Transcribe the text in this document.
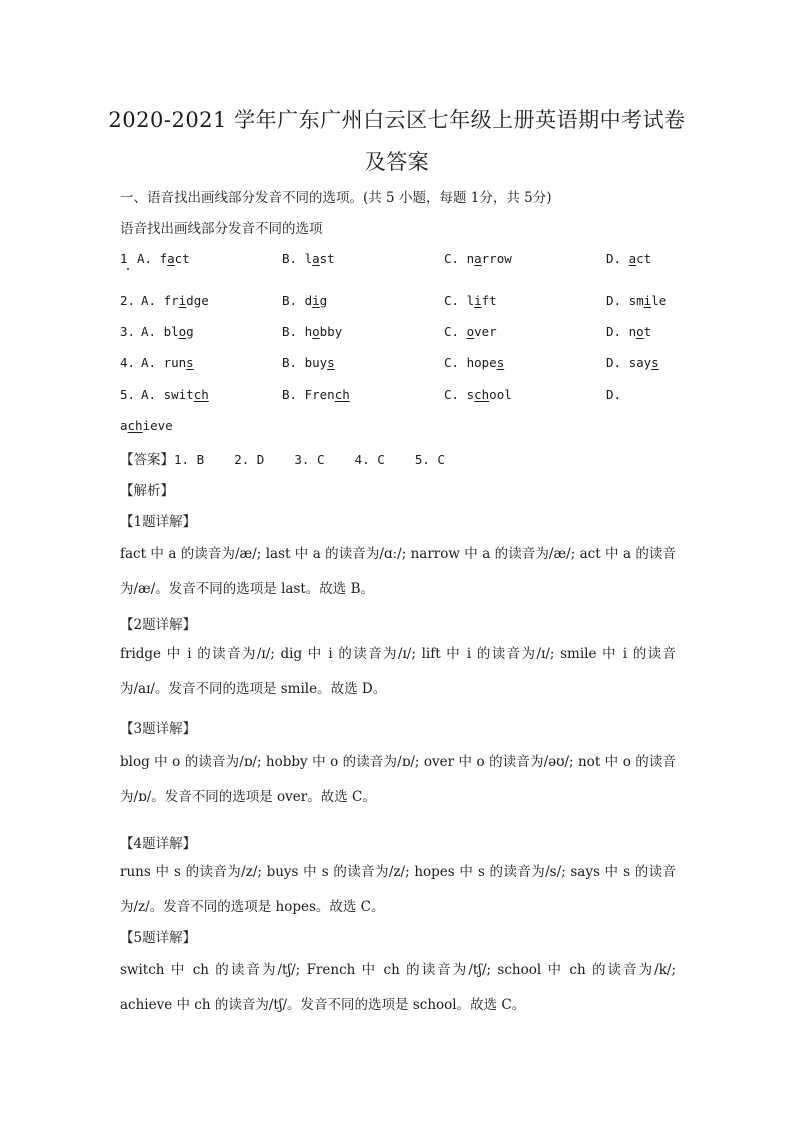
2020-2021 学年广东广州白云区七年级上册英语期中考试卷
及答案
一、语音找出画线部分发音不同的选项。(共 5 小题，每题 1分，共 5分)
语音找出画线部分发音不同的选项
1 A. fact	B. last	C. narrow	D. act
2. A. fridge	B. dig	C. lift	D. smile
3. A. blog	B. hobby	C. over	D. not
4. A. runs	B. buys	C. hopes	D. says
5. A. switch	B. French	C. school	D.
achieve
【答案】1. B    2. D    3. C    4. C    5. C
【解析】
【1题详解】
fact 中 a 的读音为/æ/; last 中 a 的读音为/ɑː/; narrow 中 a 的读音为/æ/; act 中 a 的读音为/æ/。发音不同的选项是 last。故选 B。
【2题详解】
fridge 中 i 的读音为/ɪ/; dig 中 i 的读音为/ɪ/; lift 中 i 的读音为/ɪ/; smile 中 i 的读音为/aɪ/。发音不同的选项是 smile。故选 D。
【3题详解】
blog 中 o 的读音为/ɒ/; hobby 中 o 的读音为/ɒ/; over 中 o 的读音为/əʊ/; not 中 o 的读音为/ɒ/。发音不同的选项是 over。故选 C。
【4题详解】
runs 中 s 的读音为/z/; buys 中 s 的读音为/z/; hopes 中 s 的读音为/s/; says 中 s 的读音为/z/。发音不同的选项是 hopes。故选 C。
【5题详解】
switch 中 ch 的读音为/tʃ/; French 中 ch 的读音为/tʃ/; school 中 ch 的读音为/k/; achieve 中 ch 的读音为/tʃ/。发音不同的选项是 school。故选 C。
